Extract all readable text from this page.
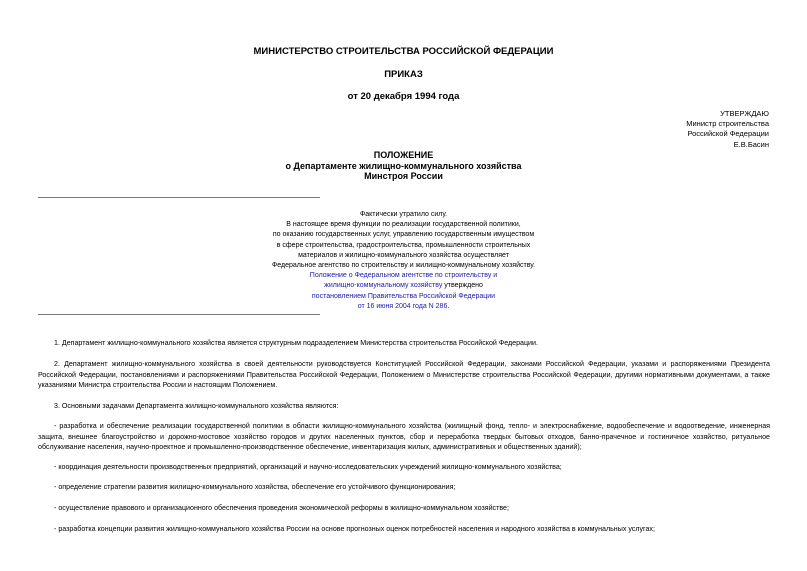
МИНИСТЕРСТВО СТРОИТЕЛЬСТВА РОССИЙСКОЙ ФЕДЕРАЦИИ
ПРИКАЗ
от 20 декабря 1994 года
УТВЕРЖДАЮ
Министр строительства
Российской Федерации
Е.В.Басин
ПОЛОЖЕНИЕ
о Департаменте жилищно-коммунального хозяйства
Минстроя России
Фактически утратило силу.
В настоящее время функции по реализации государственной политики,
по оказанию государственных услуг, управлению государственным имуществом
в сфере строительства, градостроительства, промышленности строительных
материалов и жилищно-коммунального хозяйства осуществляет
Федеральное агентство по строительству и жилищно-коммунальному хозяйству.
Положение о Федеральном агентстве по строительству и
жилищно-коммунальному хозяйству утверждено
постановлением Правительства Российской Федерации
от 16 июня 2004 года N 286.

1. Департамент жилищно-коммунального хозяйства является структурным подразделением Министерства строительства Российской Федерации.

2. Департамент жилищно-коммунального хозяйства в своей деятельности руководствуется Конституцией Российской Федерации, законами Российской Федерации, указами и распоряжениями Президента Российской Федерации, постановлениями и распоряжениями Правительства Российской Федерации, Положением о Министерстве строительства Российской Федерации, другими нормативными документами, а также указаниями Министра строительства России и настоящим Положением.

3. Основными задачами Департамента жилищно-коммунального хозяйства являются:

- разработка и обеспечение реализации государственной политики в области жилищно-коммунального хозяйства (жилищный фонд, тепло- и электроснабжение, водообеспечение и водоотведение, инженерная защита, внешнее благоустройство и дорожно-мостовое хозяйство городов и других населенных пунктов, сбор и переработка твердых бытовых отходов, банно-прачечное и гостиничное хозяйство, ритуальное обслуживание населения, научно-проектное и промышленно-производственное обеспечение, инвентаризация жилых, административных и общественных зданий);

- координация деятельности производственных предприятий, организаций и научно-исследовательских учреждений жилищно-коммунального хозяйства;

- определение стратегии развития жилищно-коммунального хозяйства, обеспечение его устойчивого функционирования;

- осуществление правового и организационного обеспечения проведения экономической реформы в жилищно-коммунальном хозяйстве;

- разработка концепции развития жилищно-коммунального хозяйства России на основе прогнозных оценок потребностей населения и народного хозяйства в коммунальных услугах;
